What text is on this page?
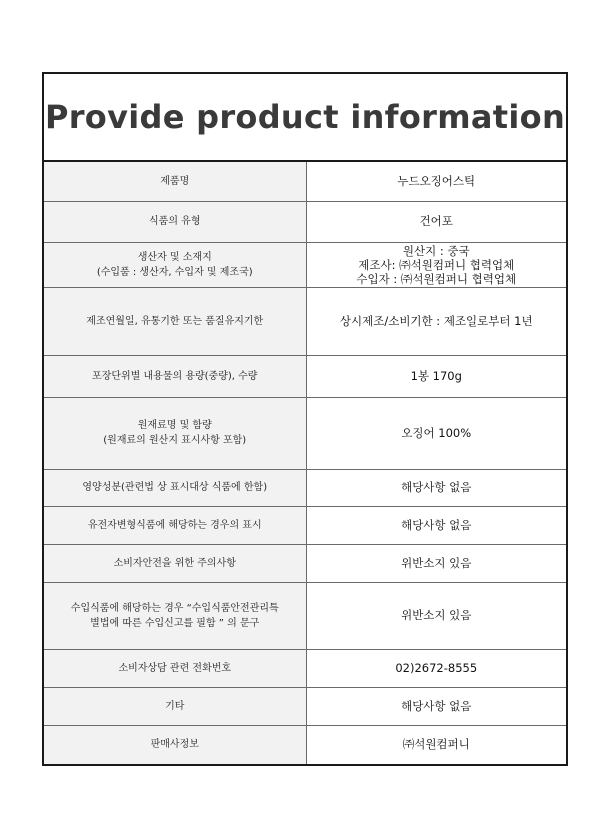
Provide product information
제품명	누드오징어스틱

식품의 유형	건어포

생산자 및 소재지
(수입품 : 생산자, 수입자 및 제조국)	원산지 : 중국
제조사: ㈜석원컴퍼니 협력업체
수입자 : ㈜석원컴퍼니 협력업체

제조연월일, 유통기한 또는 품질유지기한	상시제조/소비기한 : 제조일로부터 1년

포장단위별 내용물의 용량(중량), 수량	1봉 170g

원재료명 및 함량
(원재료의 원산지 표시사항 포함)	오징어 100%

영양성분(관련법 상 표시대상 식품에 한함)	해당사항 없음

유전자변형식품에 해당하는 경우의 표시	해당사항 없음

소비자안전을 위한 주의사항	위반소지 있음

수입식품에 해당하는 경우 “수입식품안전관리특
별법에 따른 수입신고를 필함 ” 의 문구	위반소지 있음

소비자상담 관련 전화번호	02)2672-8555

기타	해당사항 없음

판매사정보	㈜석원컴퍼니
